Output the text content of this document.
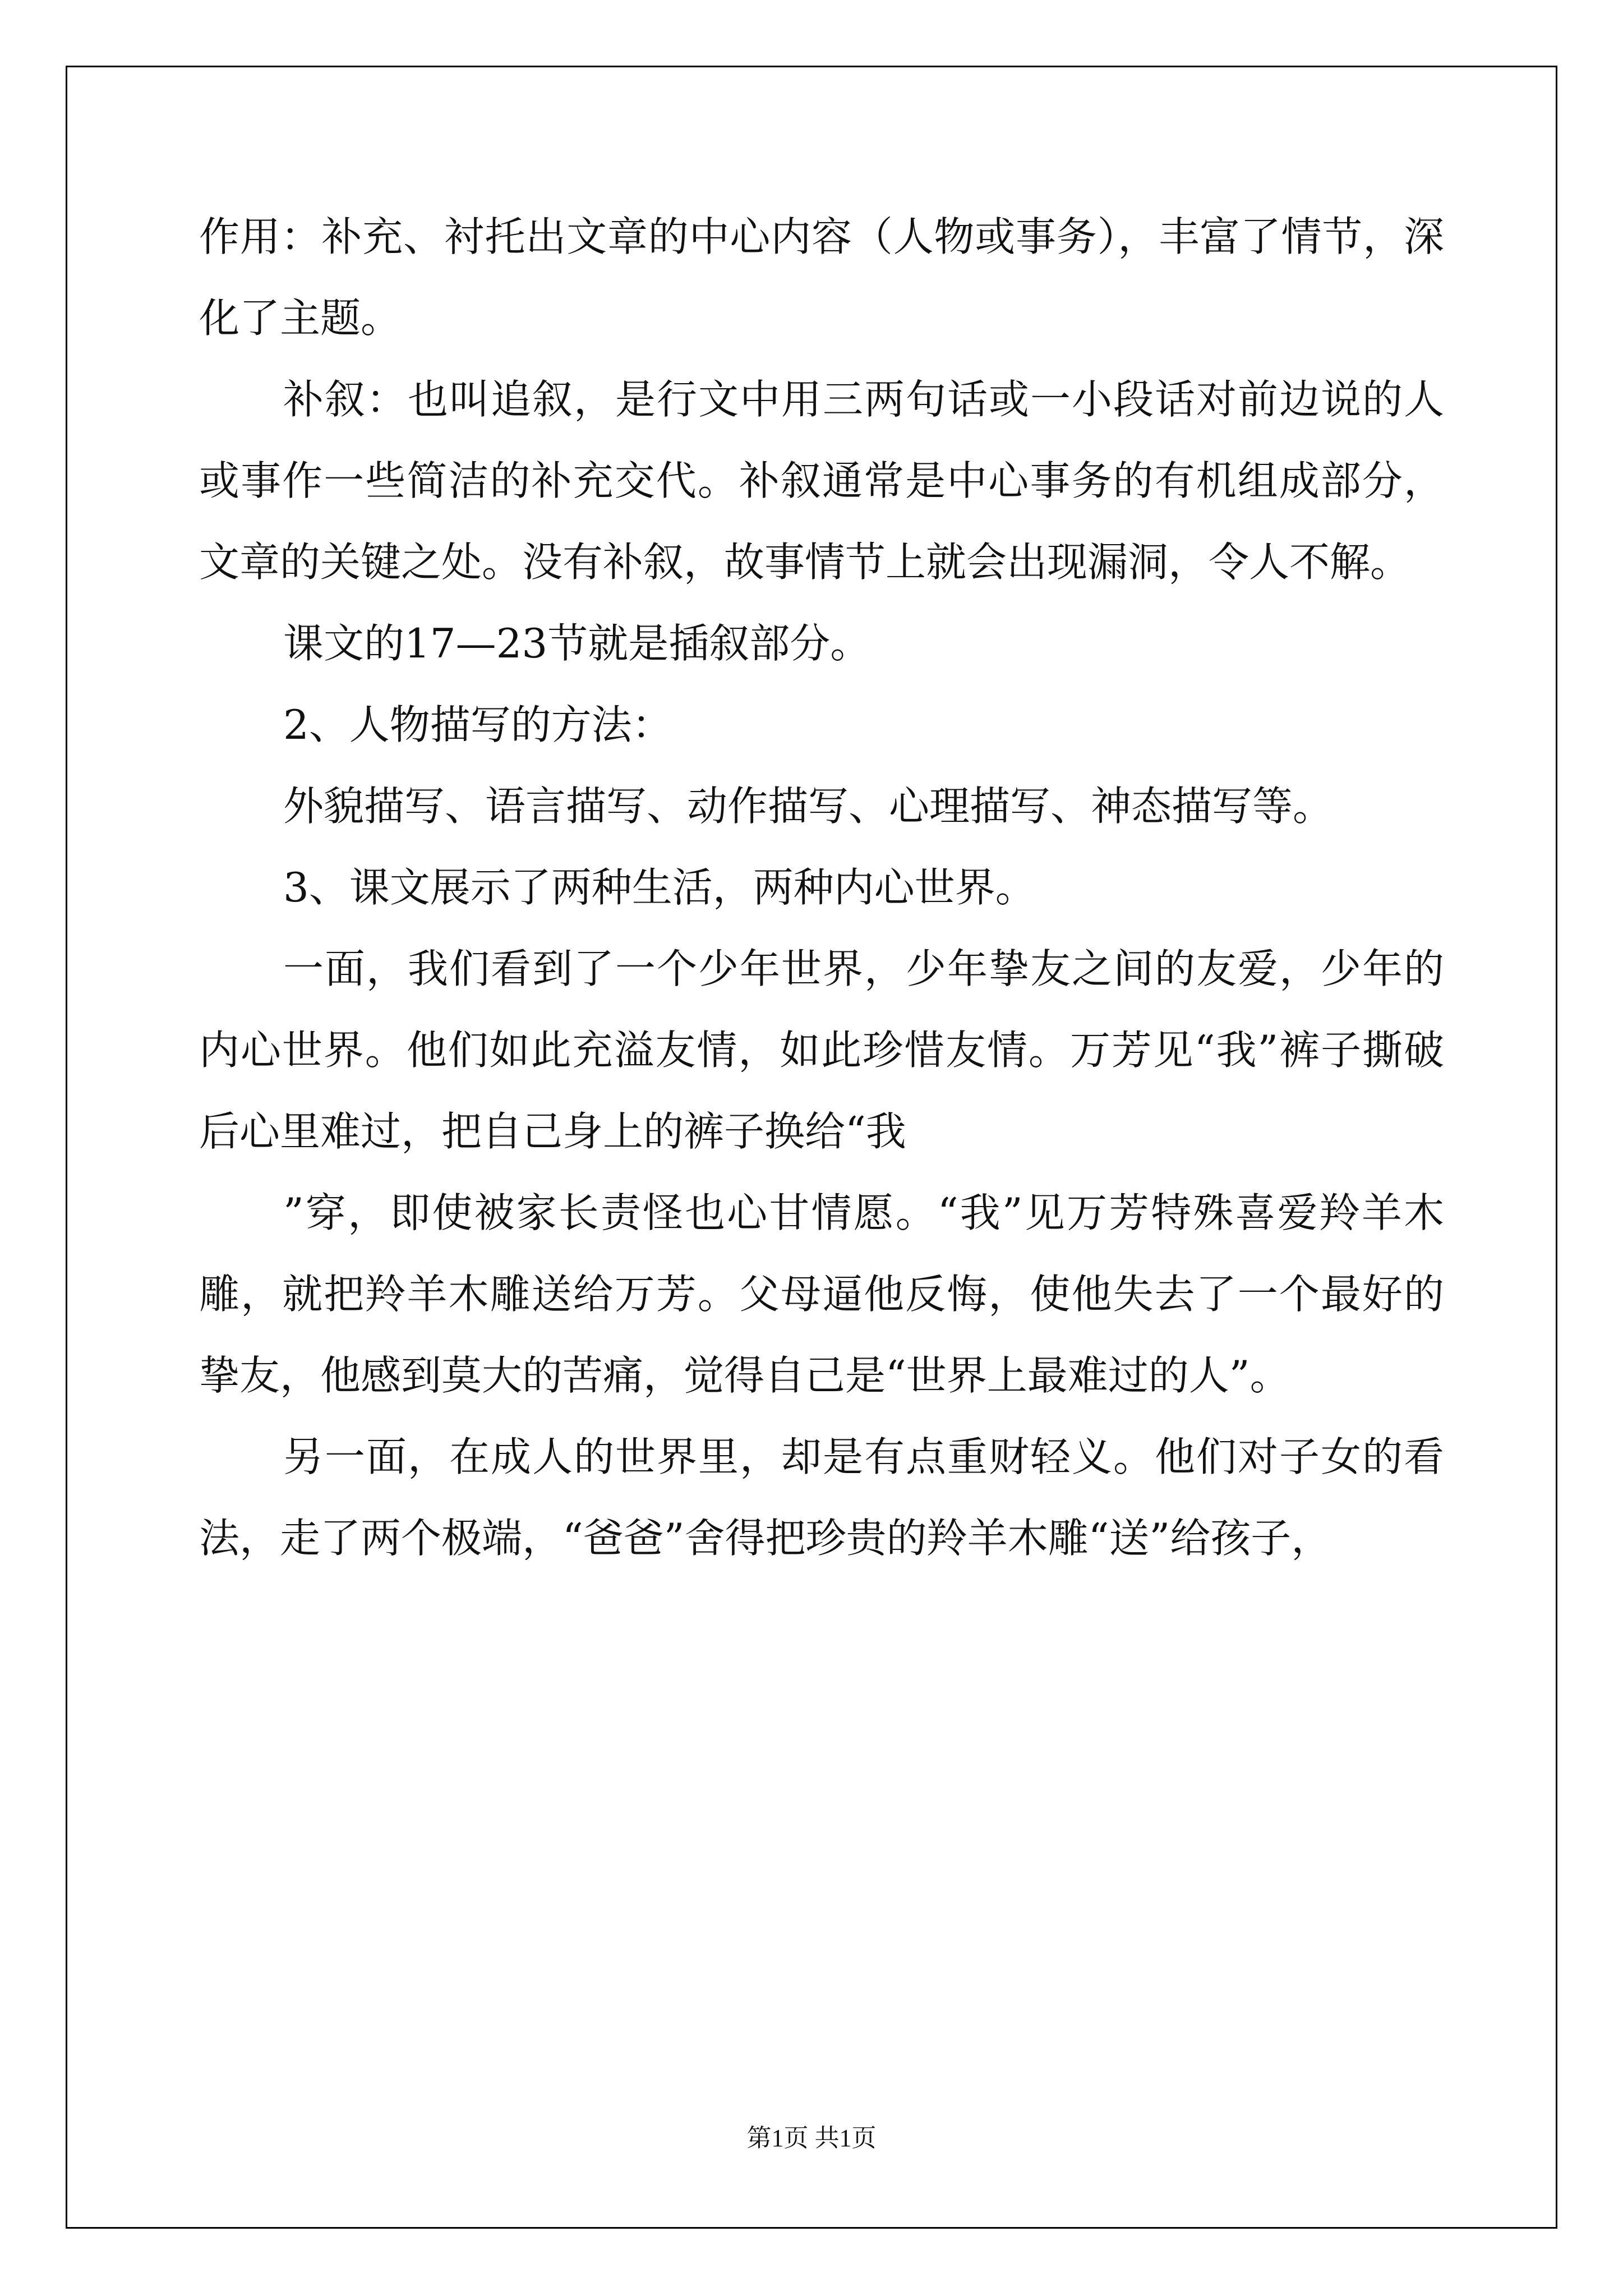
作用：补充、衬托出文章的中心内容（人物或事务），丰富了情节，深化了主题。

补叙：也叫追叙，是行文中用三两句话或一小段话对前边说的人或事作一些简洁的补充交代。补叙通常是中心事务的有机组成部分，文章的关键之处。没有补叙，故事情节上就会出现漏洞，令人不解。

课文的17—23节就是插叙部分。

2、人物描写的方法：

外貌描写、语言描写、动作描写、心理描写、神态描写等。

3、课文展示了两种生活，两种内心世界。

一面，我们看到了一个少年世界，少年挚友之间的友爱，少年的内心世界。他们如此充溢友情，如此珍惜友情。万芳见“我”裤子撕破后心里难过，把自己身上的裤子换给“我

”穿，即使被家长责怪也心甘情愿。“我”见万芳特殊喜爱羚羊木雕，就把羚羊木雕送给万芳。父母逼他反悔，使他失去了一个最好的挚友，他感到莫大的苦痛，觉得自己是“世界上最难过的人”。

另一面，在成人的世界里，却是有点重财轻义。他们对子女的看法，走了两个极端，“爸爸”舍得把珍贵的羚羊木雕“送”给孩子，

第1页 共1页
